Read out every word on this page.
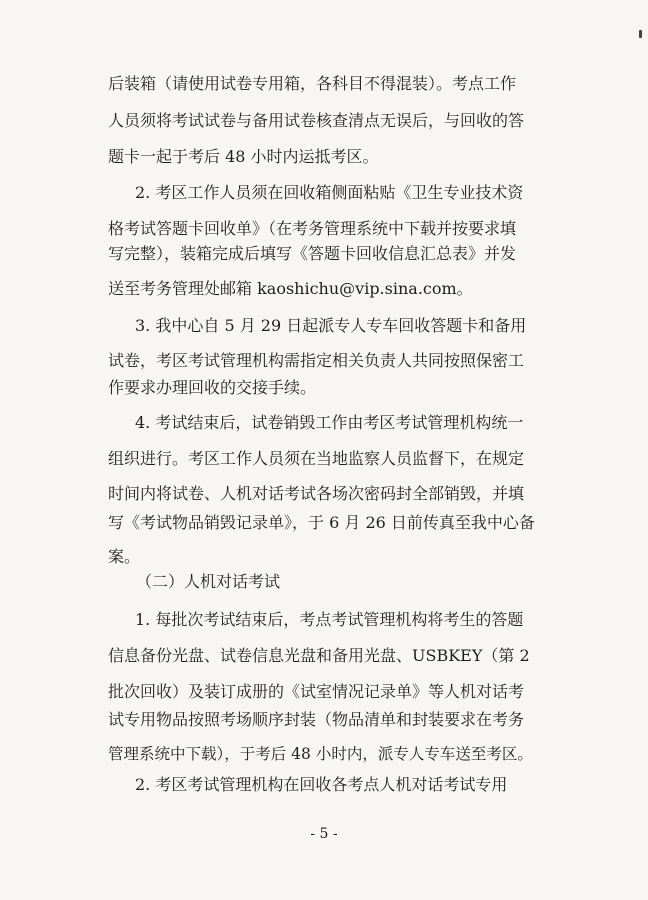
后装箱（请使用试卷专用箱，各科目不得混装）。考点工作
人员须将考试试卷与备用试卷核查清点无误后，与回收的答
题卡一起于考后 48 小时内运抵考区。
2. 考区工作人员须在回收箱侧面粘贴《卫生专业技术资
格考试答题卡回收单》（在考务管理系统中下载并按要求填
写完整），装箱完成后填写《答题卡回收信息汇总表》并发
送至考务管理处邮箱 kaoshichu@vip.sina.com。
3. 我中心自 5 月 29 日起派专人专车回收答题卡和备用
试卷，考区考试管理机构需指定相关负责人共同按照保密工
作要求办理回收的交接手续。
4. 考试结束后，试卷销毁工作由考区考试管理机构统一
组织进行。考区工作人员须在当地监察人员监督下，在规定
时间内将试卷、人机对话考试各场次密码封全部销毁，并填
写《考试物品销毁记录单》，于 6 月 26 日前传真至我中心备
案。
（二）人机对话考试
1. 每批次考试结束后，考点考试管理机构将考生的答题
信息备份光盘、试卷信息光盘和备用光盘、USBKEY（第 2
批次回收）及装订成册的《试室情况记录单》等人机对话考
试专用物品按照考场顺序封装（物品清单和封装要求在考务
管理系统中下载），于考后 48 小时内，派专人专车送至考区。
2. 考区考试管理机构在回收各考点人机对话考试专用
- 5 -
